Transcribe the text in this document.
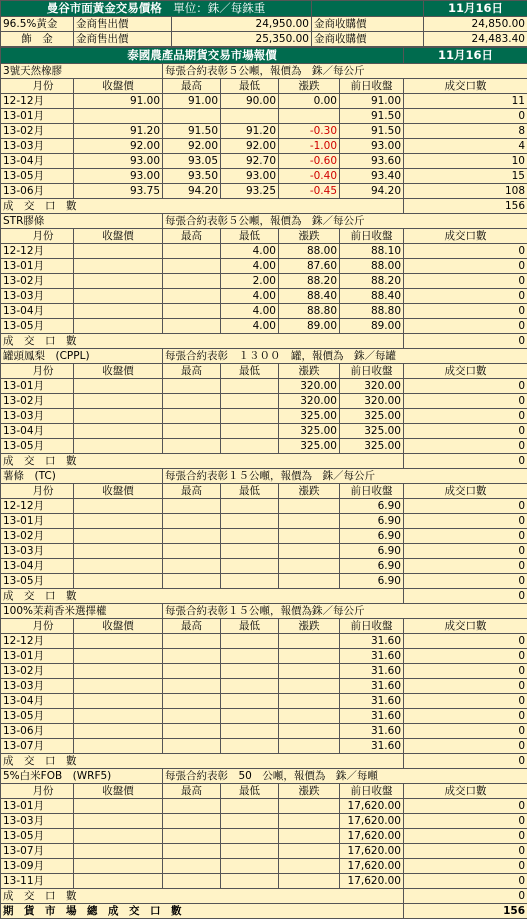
曼谷市面黃金交易價格　 單位：銖／每銖重				11月16日
96.5%黃金	金商售出價	24,950.00	金商收購價	24,850.00
飾　金	金商售出價	25,350.00	金商收購價	24,483.40
泰國農產品期貨交易市場報價						11月16日
3號天然橡膠		每張合約表彰５公噸，報價為　銖／每公斤				
月份	收盤價	最高	最低	漲跌	前日收盤	成交口數
12-12月	91.00	91.00	90.00	0.00	91.00	11
13-01月					91.50	0
13-02月	91.20	91.50	91.20	-0.30	91.50	8
13-03月	92.00	92.00	92.00	-1.00	93.00	4
13-04月	93.00	93.05	92.70	-0.60	93.60	10
13-05月	93.00	93.50	93.00	-0.40	93.40	15
13-06月	93.75	94.20	93.25	-0.45	94.20	108
成　交　口　數						156
STR膠條		每張合約表彰５公噸，報價為　銖／每公斤				
月份	收盤價	最高	最低	漲跌	前日收盤	成交口數
12-12月			4.00	88.00	88.10	0
13-01月			4.00	87.60	88.00	0
13-02月			2.00	88.20	88.20	0
13-03月			4.00	88.40	88.40	0
13-04月			4.00	88.80	88.80	0
13-05月			4.00	89.00	89.00	0
成　交　口　數						0
罐頭鳳梨　(CPPL)		每張合約表彰　１３００　罐，報價為　銖／每罐				
月份	收盤價	最高	最低	漲跌	前日收盤	成交口數
13-01月				320.00	320.00	0
13-02月				320.00	320.00	0
13-03月				325.00	325.00	0
13-04月				325.00	325.00	0
13-05月				325.00	325.00	0
成　交　口　數						0
薯條　(TC)		每張合約表彰１５公噸，報價為　銖／每公斤				
月份	收盤價	最高	最低	漲跌	前日收盤	成交口數
12-12月					6.90	0
13-01月					6.90	0
13-02月					6.90	0
13-03月					6.90	0
13-04月					6.90	0
13-05月					6.90	0
成　交　口　數						0
100%茉莉香米選擇權		每張合約表彰１５公噸，報價為銖／每公斤				
月份	收盤價	最高	最低	漲跌	前日收盤	成交口數
12-12月					31.60	0
13-01月					31.60	0
13-02月					31.60	0
13-03月					31.60	0
13-04月					31.60	0
13-05月					31.60	0
13-06月					31.60	0
13-07月					31.60	0
成　交　口　數						0
5%白米FOB　(WRF5)		每張合約表彰　50　公噸，報價為　銖／每噸				
月份	收盤價	最高	最低	漲跌	前日收盤	成交口數
13-01月					17,620.00	0
13-03月					17,620.00	0
13-05月					17,620.00	0
13-07月					17,620.00	0
13-09月					17,620.00	0
13-11月					17,620.00	0
成　交　口　數						0
期　貨　市　場　總　成　交　口　數						156
